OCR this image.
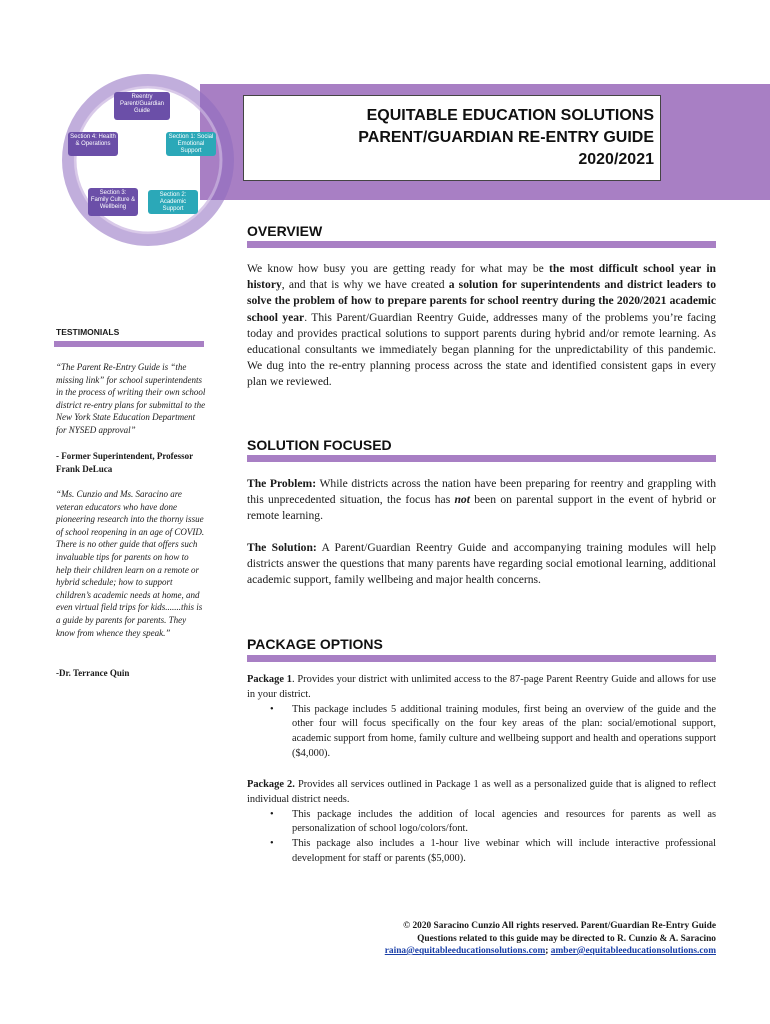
EQUITABLE EDUCATION SOLUTIONS
PARENT/GUARDIAN RE-ENTRY GUIDE
2020/2021
Reentry Parent/Guardian Guide
Section 1: Social Emotional Support
Section 2: Academic Support
Section 3: Family Culture & Wellbeing
Section 4: Health & Operations
OVERVIEW
We know how busy you are getting ready for what may be the most difficult school year in history, and that is why we have created a solution for superintendents and district leaders to solve the problem of how to prepare parents for school reentry during the 2020/2021 academic school year. This Parent/Guardian Reentry Guide, addresses many of the problems you’re facing today and provides practical solutions to support parents during hybrid and/or remote learning. As educational consultants we immediately began planning for the unpredictability of this pandemic. We dug into the re-entry planning process across the state and identified consistent gaps in every plan we reviewed.
SOLUTION FOCUSED
The Problem: While districts across the nation have been preparing for reentry and grappling with this unprecedented situation, the focus has not been on parental support in the event of hybrid or remote learning.
The Solution: A Parent/Guardian Reentry Guide and accompanying training modules will help districts answer the questions that many parents have regarding social emotional learning, additional academic support, family wellbeing and major health concerns.
PACKAGE OPTIONS
Package 1. Provides your district with unlimited access to the 87-page Parent Reentry Guide and allows for use in your district.
• This package includes 5 additional training modules, first being an overview of the guide and the other four will focus specifically on the four key areas of the plan: social/emotional support, academic support from home, family culture and wellbeing support and health and operations support ($4,000).
Package 2. Provides all services outlined in Package 1 as well as a personalized guide that is aligned to reflect individual district needs.
• This package includes the addition of local agencies and resources for parents as well as personalization of school logo/colors/font.
• This package also includes a 1-hour live webinar which will include interactive professional development for staff or parents ($5,000).
TESTIMONIALS
“The Parent Re-Entry Guide is “the missing link” for school superintendents in the process of writing their own school district re-entry plans for submittal to the New York State Education Department for NYSED approval”
- Former Superintendent, Professor Frank DeLuca
“Ms. Cunzio and Ms. Saracino are veteran educators who have done pioneering research into the thorny issue of school reopening in an age of COVID. There is no other guide that offers such invaluable tips for parents on how to help their children learn on a remote or hybrid schedule; how to support children’s academic needs at home, and even virtual field trips for kids.......this is a guide by parents for parents. They know from whence they speak.”
-Dr. Terrance Quin
© 2020 Saracino Cunzio All rights reserved. Parent/Guardian Re-Entry Guide
Questions related to this guide may be directed to R. Cunzio & A. Saracino
raina@equitableeducationsolutions.com; amber@equitableeducationsolutions.com
